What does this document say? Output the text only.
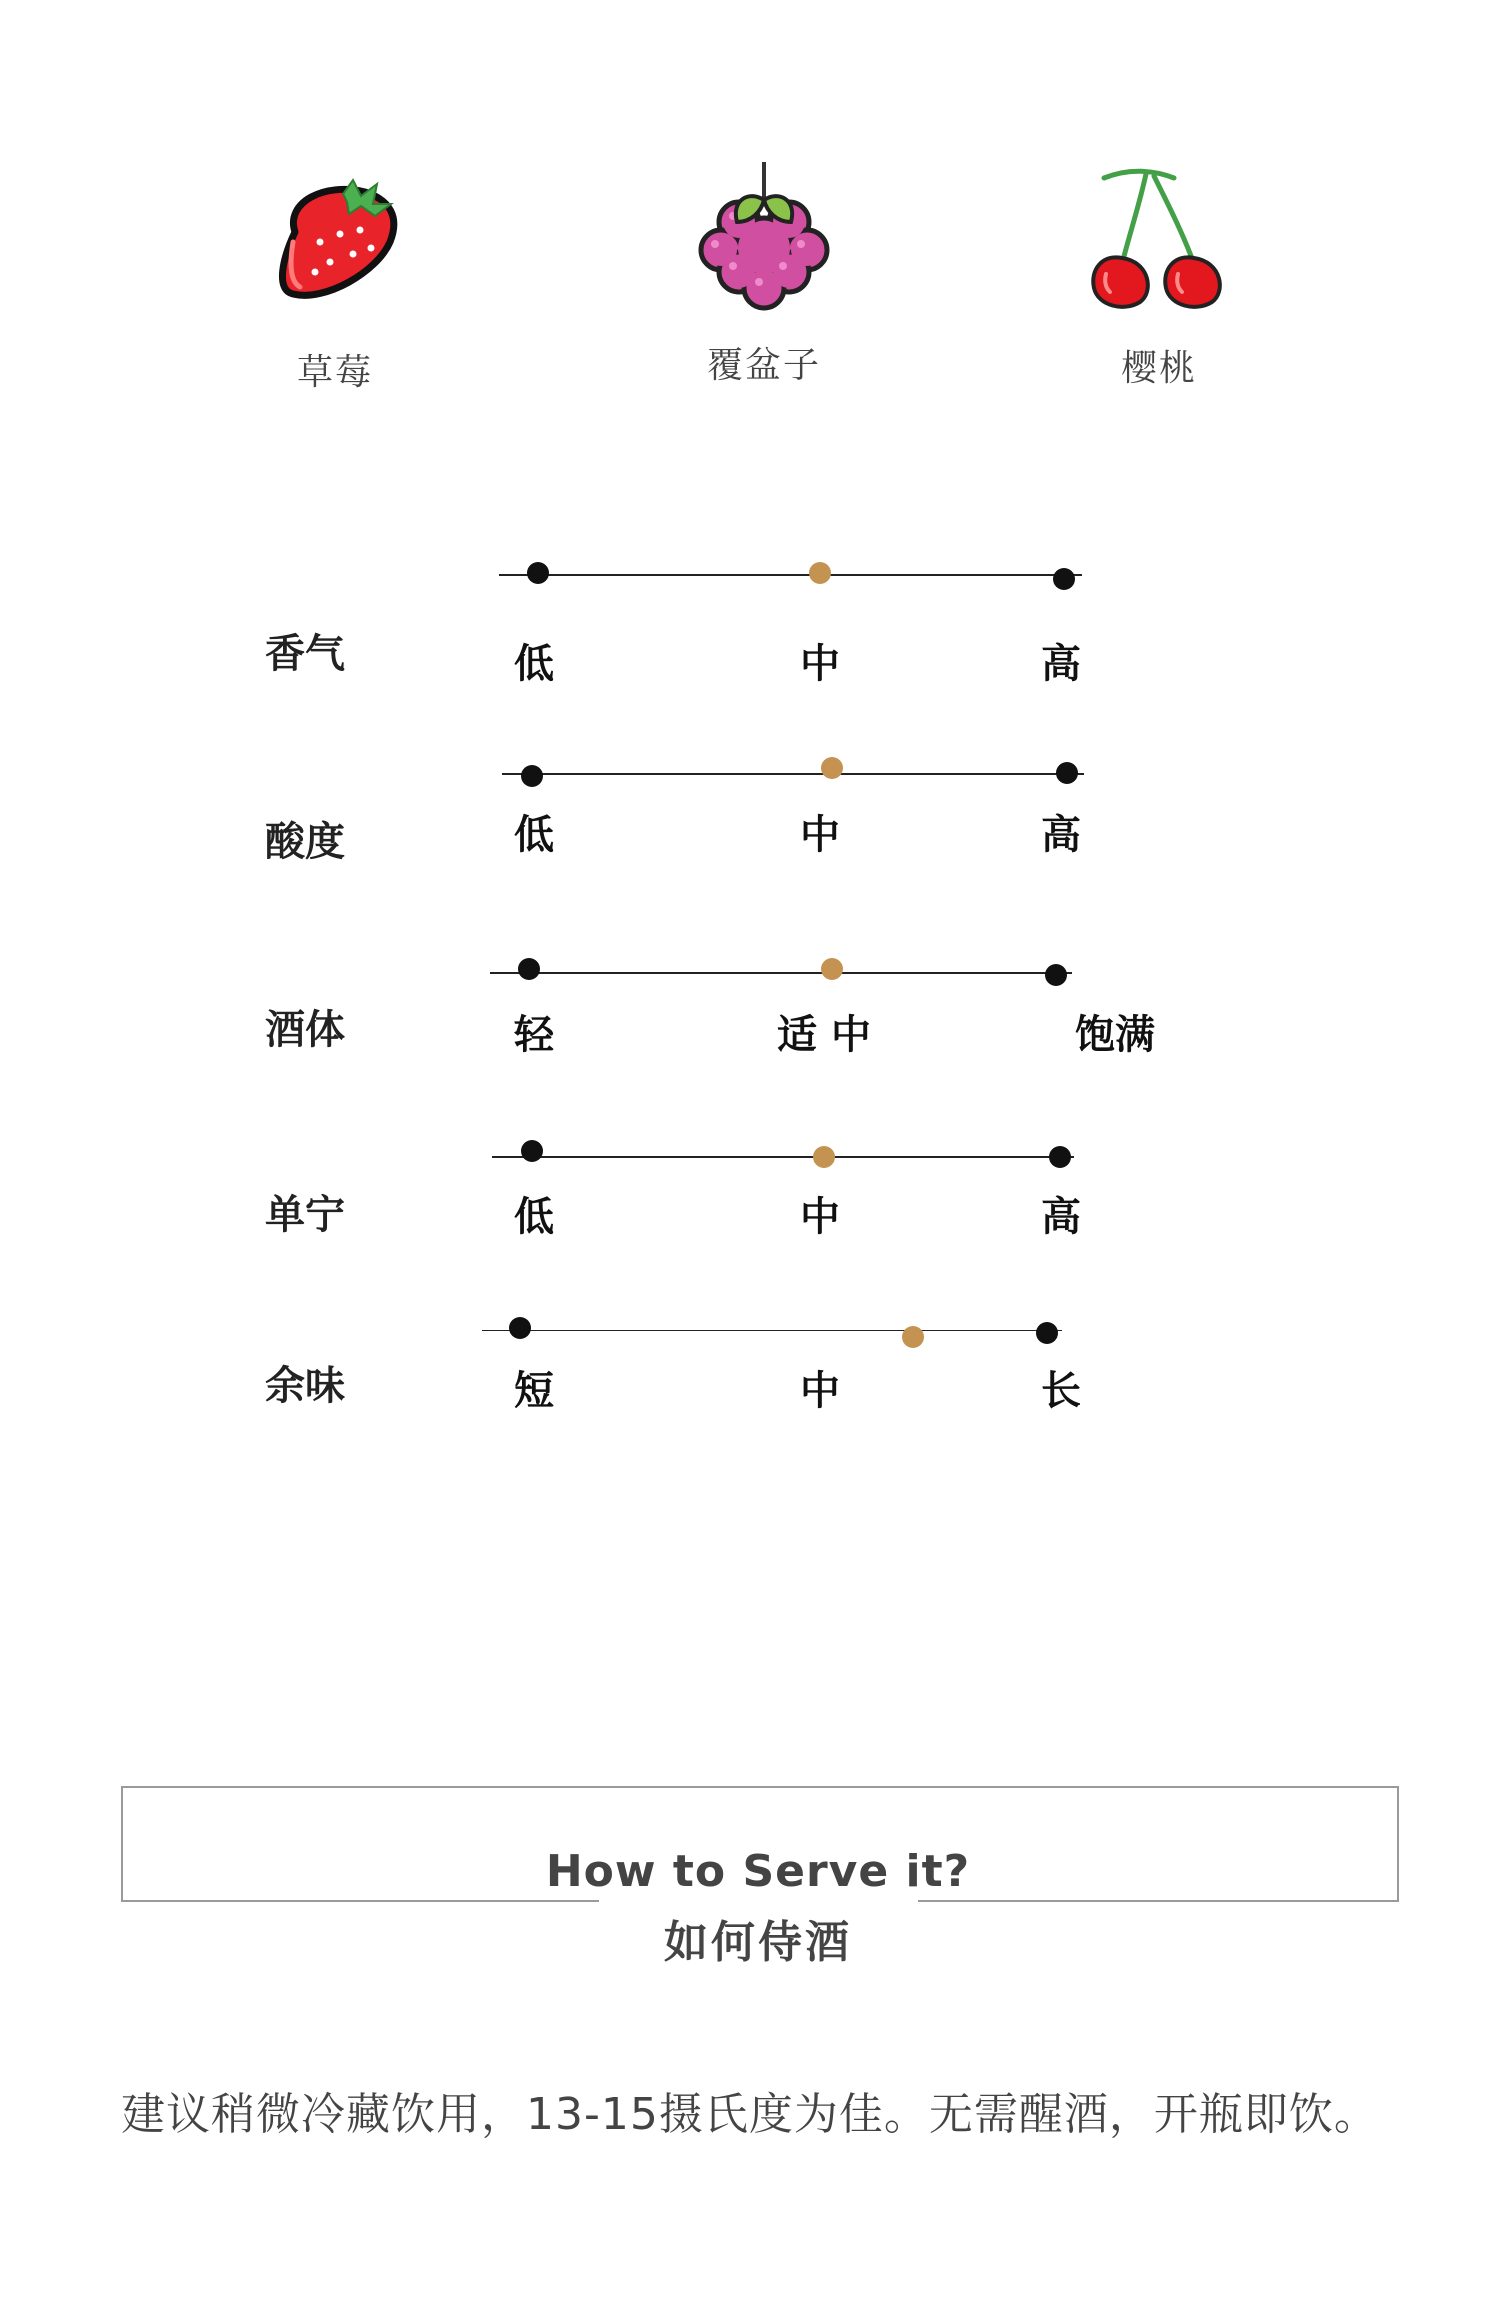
草莓	覆盆子	樱桃
香气	低	中	高
酸度	低	中	高
酒体	轻	适 中	饱满
单宁	低	中	高
余味	短	中	长
How to Serve it?
如何侍酒
建议稍微冷藏饮用，13-15摄氏度为佳。无需醒酒，开瓶即饮。
